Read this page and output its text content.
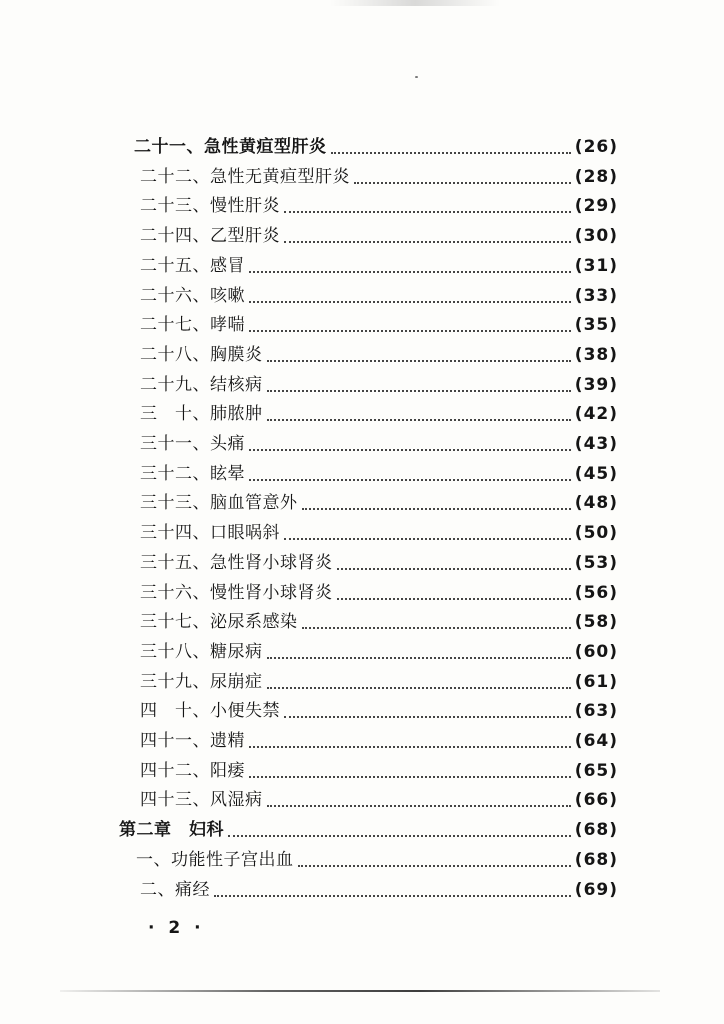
二十一、急性黄疸型肝炎	(26)
二十二、急性无黄疸型肝炎	(28)
二十三、慢性肝炎	(29)
二十四、乙型肝炎	(30)
二十五、感冒	(31)
二十六、咳嗽	(33)
二十七、哮喘	(35)
二十八、胸膜炎	(38)
二十九、结核病	(39)
三　十、肺脓肿	(42)
三十一、头痛	(43)
三十二、眩晕	(45)
三十三、脑血管意外	(48)
三十四、口眼㖞斜	(50)
三十五、急性肾小球肾炎	(53)
三十六、慢性肾小球肾炎	(56)
三十七、泌尿系感染	(58)
三十八、糖尿病	(60)
三十九、尿崩症	(61)
四　十、小便失禁	(63)
四十一、遗精	(64)
四十二、阳痿	(65)
四十三、风湿病	(66)
第二章　妇科	(68)
一、功能性子宫出血	(68)
二、痛经	(69)
· 2 ·
